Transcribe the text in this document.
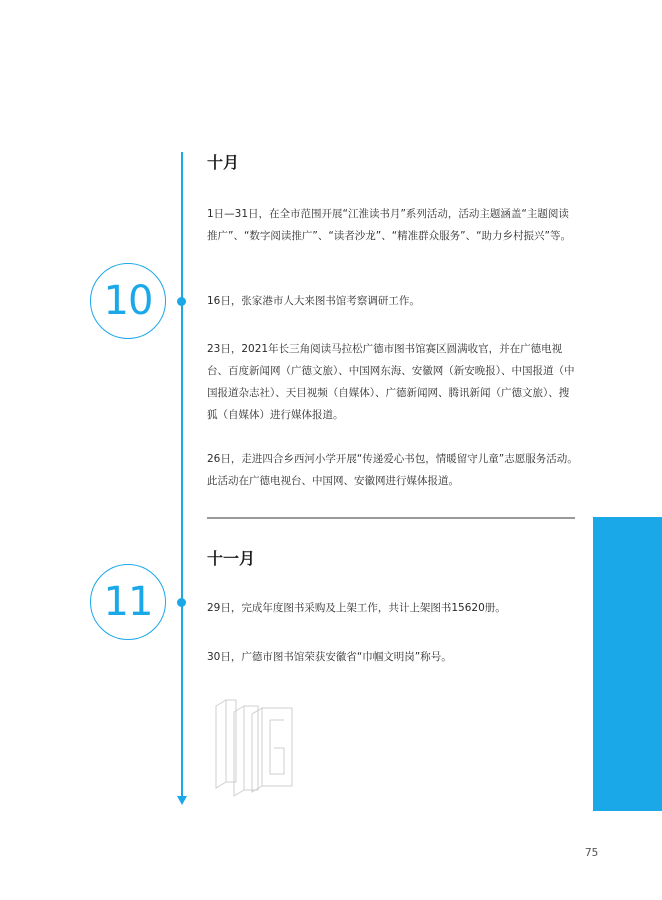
10
十月

1日—31日，在全市范围开展“江淮读书月”系列活动，活动主题涵盖“主题阅读推广”、“数字阅读推广”、“读者沙龙”、“精准群众服务”、“助力乡村振兴”等。

16日，张家港市人大来图书馆考察调研工作。

23日，2021年长三角阅读马拉松广德市图书馆赛区圆满收官，并在广德电视台、百度新闻网（广德文旅）、中国网东海、安徽网（新安晚报）、中国报道（中国报道杂志社）、天目视频（自媒体）、广德新闻网、腾讯新闻（广德文旅）、搜狐（自媒体）进行媒体报道。

26日，走进四合乡西河小学开展“传递爱心书包，情暖留守儿童”志愿服务活动。此活动在广德电视台、中国网、安徽网进行媒体报道。

11
十一月

29日，完成年度图书采购及上架工作，共计上架图书15620册。

30日，广德市图书馆荣获安徽省“巾帼文明岗”称号。

75
